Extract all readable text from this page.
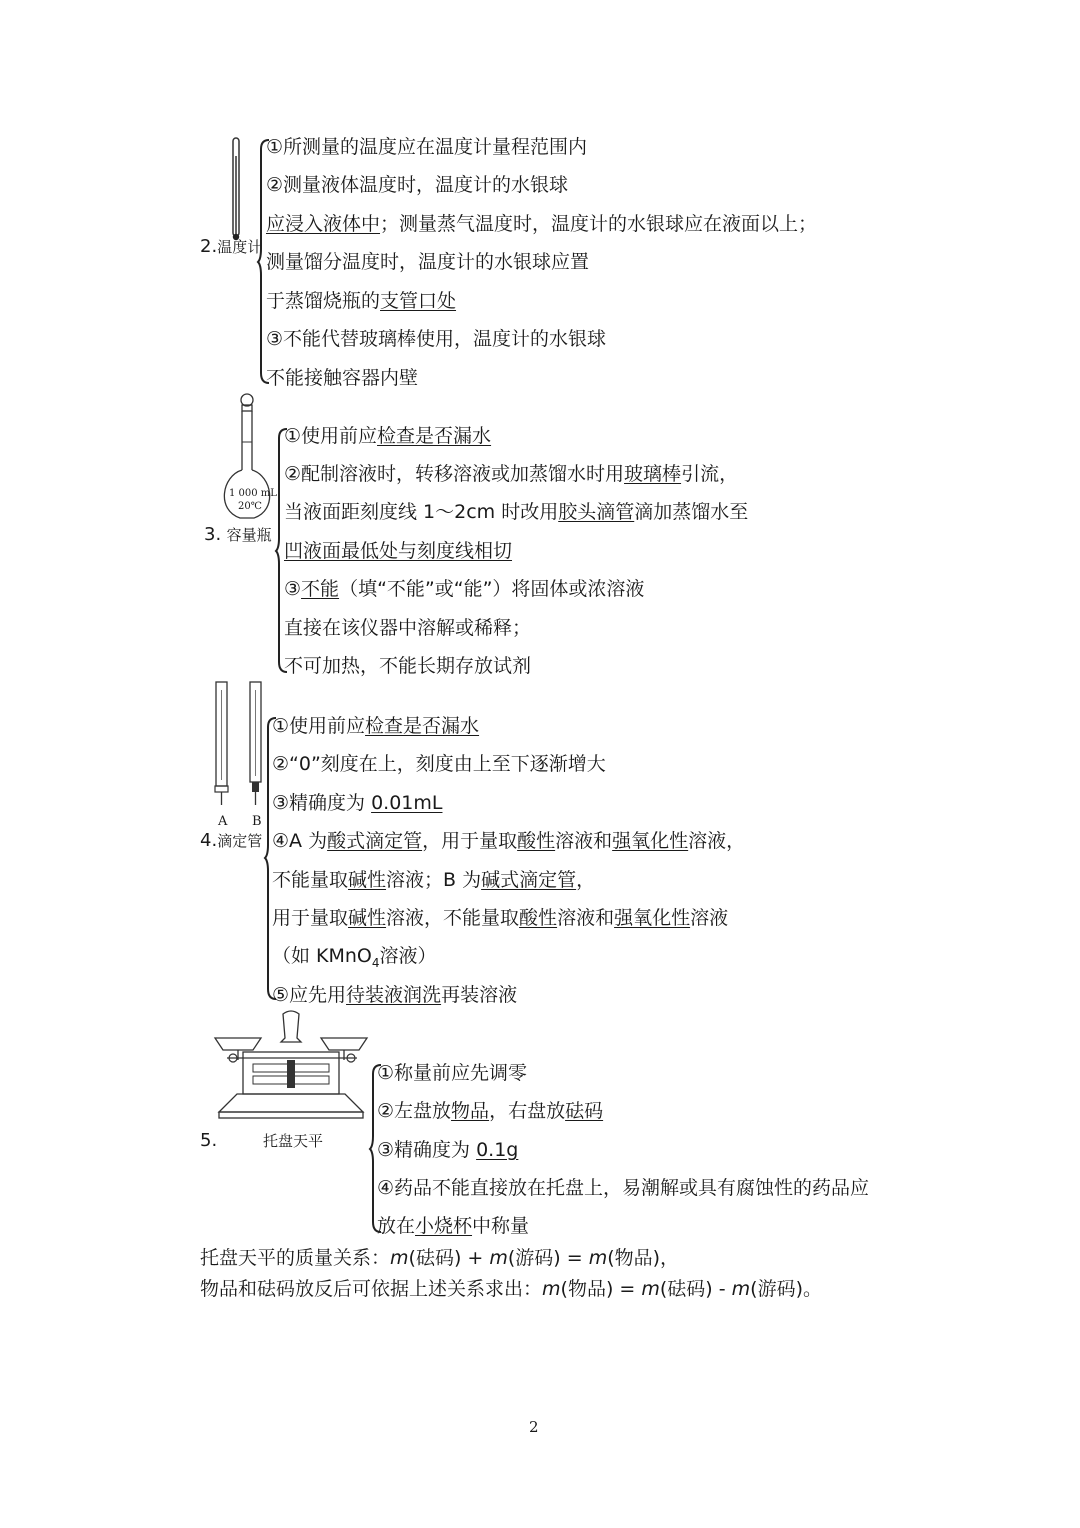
2.温度计
①所测量的温度应在温度计量程范围内
②测量液体温度时，温度计的水银球
应浸入液体中；测量蒸气温度时，温度计的水银球应在液面以上；
测量馏分温度时，温度计的水银球应置
于蒸馏烧瓶的支管口处
③不能代替玻璃棒使用，温度计的水银球
不能接触容器内壁
1 000 mL
20℃
3. 容量瓶
①使用前应检查是否漏水
②配制溶液时，转移溶液或加蒸馏水时用玻璃棒引流，
当液面距刻度线 1～2cm 时改用胶头滴管滴加蒸馏水至
凹液面最低处与刻度线相切
③不能（填“不能”或“能”）将固体或浓溶液
直接在该仪器中溶解或稀释；
不可加热，不能长期存放试剂
A B
4.滴定管
①使用前应检查是否漏水
②“0”刻度在上，刻度由上至下逐渐增大
③精确度为 0.01mL
④A 为酸式滴定管，用于量取酸性溶液和强氧化性溶液，
不能量取碱性溶液；B 为碱式滴定管，
用于量取碱性溶液，不能量取酸性溶液和强氧化性溶液
（如 KMnO$_4$溶液）
⑤应先用待装液润洗再装溶液
5.	托盘天平
①称量前应先调零
②左盘放物品，右盘放砝码
③精确度为 0.1g
④药品不能直接放在托盘上，易潮解或具有腐蚀性的药品应
放在小烧杯中称量
托盘天平的质量关系：m(砝码) + m(游码) = m(物品)，
物品和砝码放反后可依据上述关系求出：m(物品) = m(砝码) - m(游码)。
2
